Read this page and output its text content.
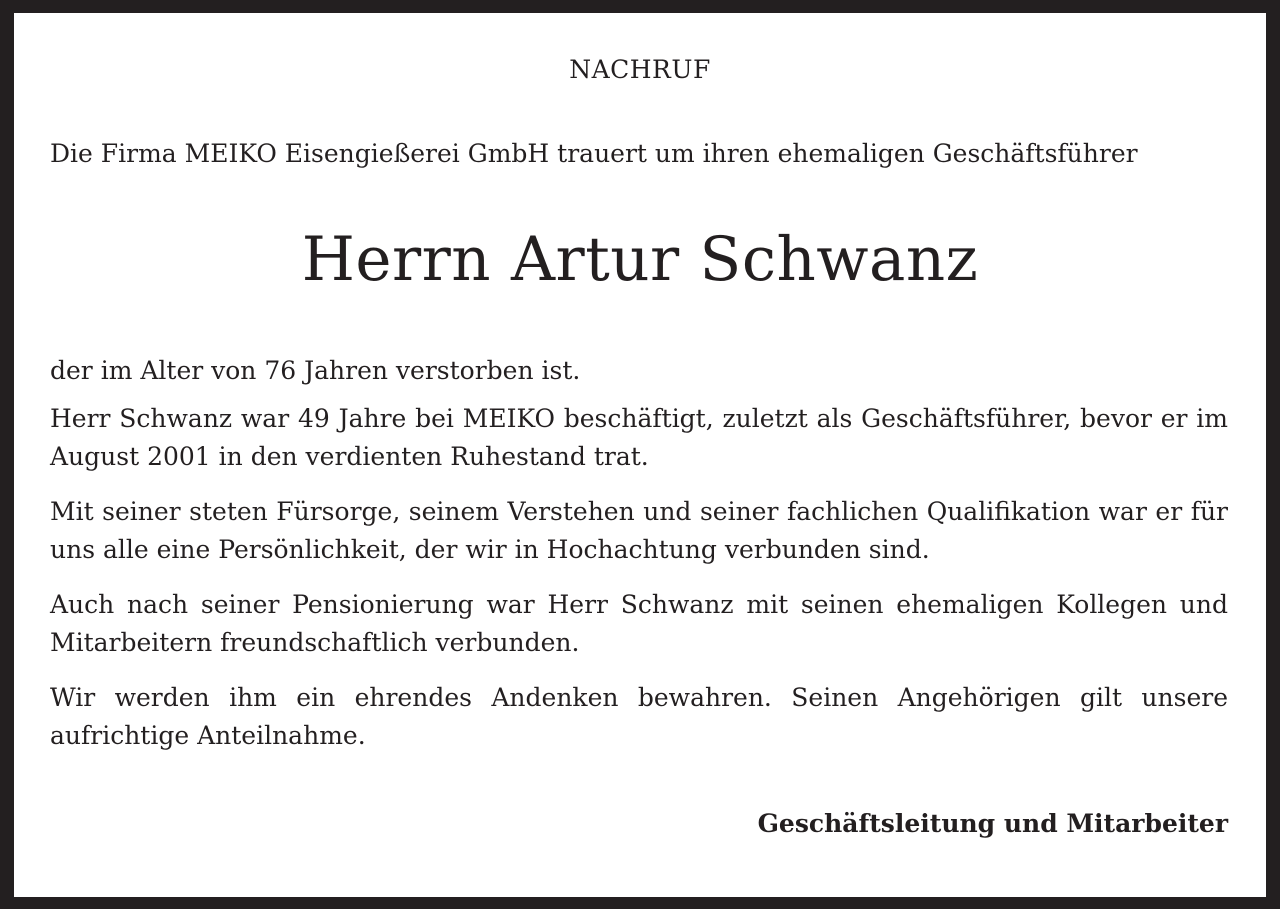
NACHRUF
Die Firma MEIKO Eisengießerei GmbH trauert um ihren ehemaligen Geschäftsführer
Herrn Artur Schwanz

der im Alter von 76 Jahren verstorben ist.

Herr Schwanz war 49 Jahre bei MEIKO beschäftigt, zuletzt als Geschäftsführer, bevor er im August 2001 in den verdienten Ruhestand trat.

Mit seiner steten Fürsorge, seinem Verstehen und seiner fachlichen Qualifikation war er für uns alle eine Persönlichkeit, der wir in Hochachtung verbunden sind.

Auch nach seiner Pensionierung war Herr Schwanz mit seinen ehemaligen Kollegen und Mitarbeitern freundschaftlich verbunden.

Wir werden ihm ein ehrendes Andenken bewahren. Seinen Angehörigen gilt unsere aufrichtige Anteilnahme.

Geschäftsleitung und Mitarbeiter
